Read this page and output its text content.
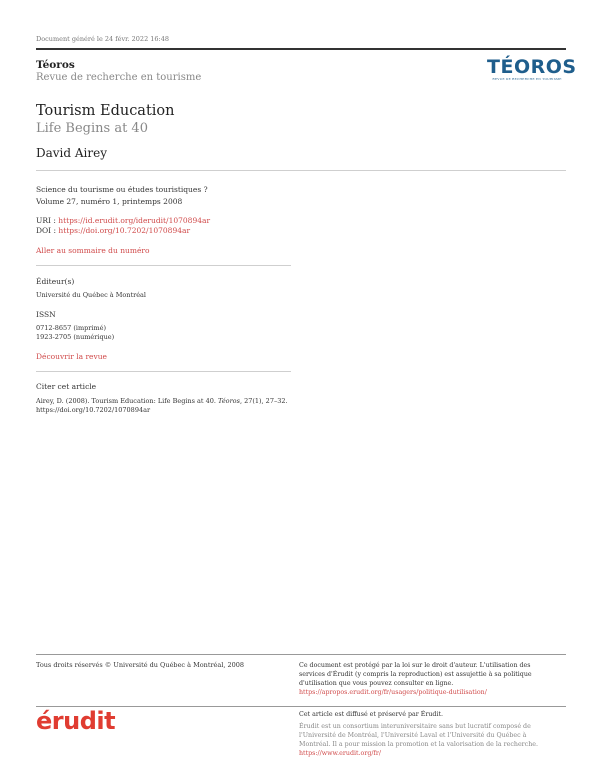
Document généré le 24 févr. 2022 16:48
Téoros
Revue de recherche en tourisme	TÉOROS
REVUE DE RECHERCHE EN TOURISME
Tourism Education
Life Begins at 40
David Airey
Science du tourisme ou études touristiques ?
Volume 27, numéro 1, printemps 2008
URI : https://id.erudit.org/iderudit/1070894ar
DOI : https://doi.org/10.7202/1070894ar
Aller au sommaire du numéro
Éditeur(s)
Université du Québec à Montréal
ISSN
0712-8657 (imprimé)
1923-2705 (numérique)
Découvrir la revue
Citer cet article
Airey, D. (2008). Tourism Education: Life Begins at 40. Téoros, 27(1), 27–32.
https://doi.org/10.7202/1070894ar
Tous droits réservés © Université du Québec à Montréal, 2008	Ce document est protégé par la loi sur le droit d'auteur. L'utilisation des services d'Érudit (y compris la reproduction) est assujettie à sa politique d'utilisation que vous pouvez consulter en ligne.
https://apropos.erudit.org/fr/usagers/politique-dutilisation/
érudit	Cet article est diffusé et préservé par Érudit.
Érudit est un consortium interuniversitaire sans but lucratif composé de l'Université de Montréal, l'Université Laval et l'Université du Québec à Montréal. Il a pour mission la promotion et la valorisation de la recherche.
https://www.erudit.org/fr/
